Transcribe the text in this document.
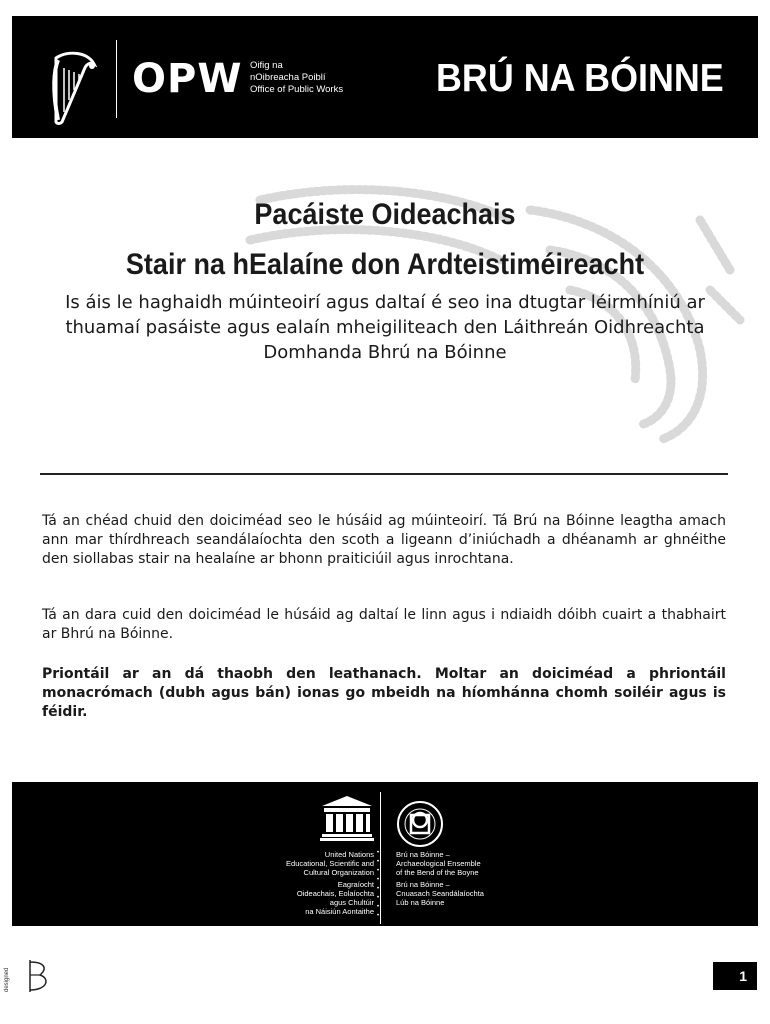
OPW Oifig na
nOibreacha Poiblí
Office of Public Works BRÚ NA BÓINNE
Pacáiste Oideachais
Stair na hEalaíne don Ardteistiméireacht
Is áis le haghaidh múinteoirí agus daltaí é seo ina dtugtar léirmhíniú ar thuamaí pasáiste agus ealaín mheigiliteach den Láithreán Oidhreachta Domhanda Bhrú na Bóinne
Tá an chéad chuid den doiciméad seo le húsáid ag múinteoirí. Tá Brú na Bóinne leagtha amach ann mar thírdhreach seandálaíochta den scoth a ligeann d’iniúchadh a dhéanamh ar ghnéithe den siollabas stair na healaíne ar bhonn praiticiúil agus inrochtana.
Tá an dara cuid den doiciméad le húsáid ag daltaí le linn agus i ndiaidh dóibh cuairt a thabhairt ar Bhrú na Bóinne.
Priontáil ar an dá thaobh den leathanach. Moltar an doiciméad a phriontáil monacrómach (dubh agus bán) ionas go mbeidh na híomhánna chomh soiléir agus is féidir.
United Nations
Educational, Scientific and
Cultural Organization
Eagraíocht
Oideachais, Eolaíochta
agus Chultúir
na Náisiún Aontaithe
•
•
•
•
•
•
•
•
Brú na Bóinne –
Archaeological Ensemble
of the Bend of the Boyne
Brú na Bóinne –
Cnuasach Seandálaíochta
Lúb na Bóinne
designed	1
